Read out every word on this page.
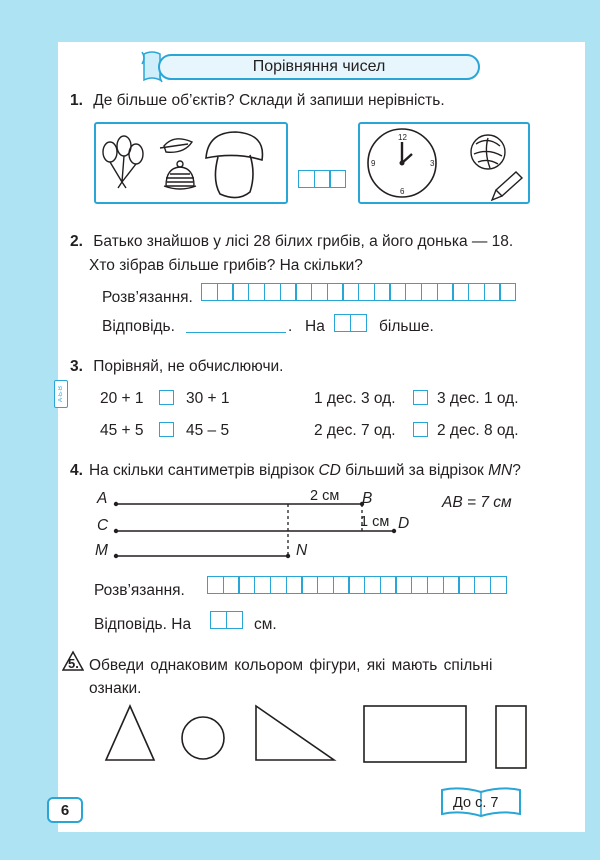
Порівняння чисел
1. Де більше об’єктів? Склади й запиши нерівність.
12
3
6
9
2. Батько знайшов у лісі 28 білих грибів, а його донька — 18.
Хто зібрав більше грибів? На скільки?
Розв’язання.
Відповідь.	. На	більше.
3. Порівняй, не обчислюючи.
А·Б·В 20 + 1	30 + 1	1 дес. 3 од.	3 дес. 1 од.
45 + 5	45 – 5	2 дес. 7 од.	2 дес. 8 од.
4. На скільки сантиметрів відрізок CD більший за відрізок MN?
A	B
C	D
M	N
2 см
1 см
AB = 7 см
Розв’язання.
Відповідь. На	см.
5. Обведи однаковим кольором фігури, які мають спільні
ознаки.
6	До с. 7
